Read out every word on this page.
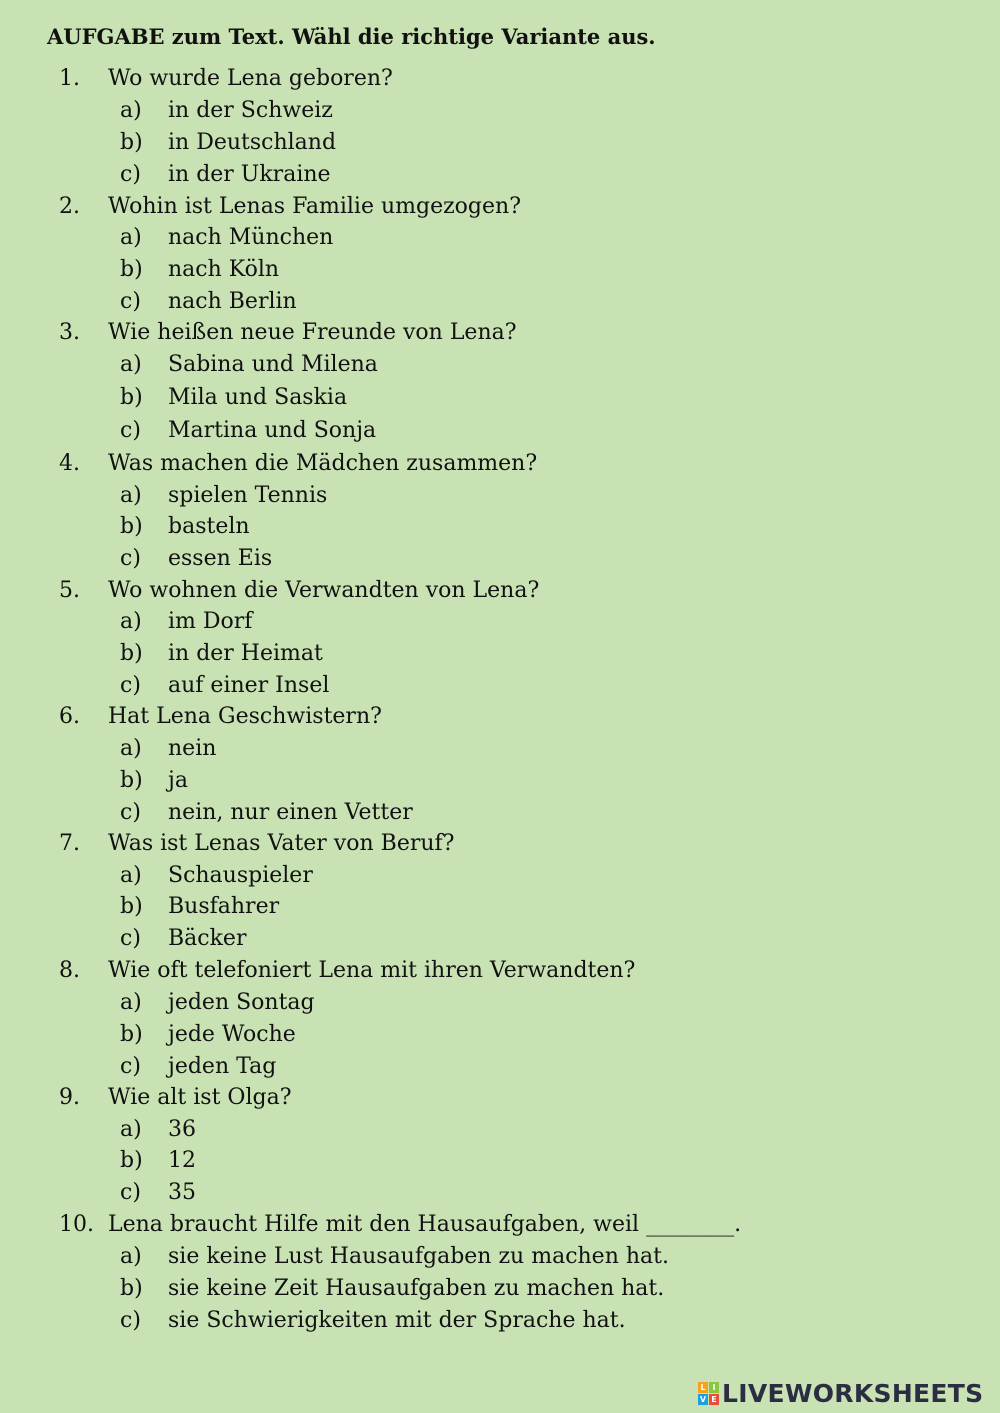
AUFGABE zum Text. Wähl die richtige Variante aus.
1. Wo wurde Lena geboren?
a) in der Schweiz
b) in Deutschland
c) in der Ukraine
2. Wohin ist Lenas Familie umgezogen?
a) nach München
b) nach Köln
c) nach Berlin
3. Wie heißen neue Freunde von Lena?
a) Sabina und Milena
b) Mila und Saskia
c) Martina und Sonja
4. Was machen die Mädchen zusammen?
a) spielen Tennis
b) basteln
c) essen Eis
5. Wo wohnen die Verwandten von Lena?
a) im Dorf
b) in der Heimat
c) auf einer Insel
6. Hat Lena Geschwistern?
a) nein
b) ja
c) nein, nur einen Vetter
7. Was ist Lenas Vater von Beruf?
a) Schauspieler
b) Busfahrer
c) Bäcker
8. Wie oft telefoniert Lena mit ihren Verwandten?
a) jeden Sontag
b) jede Woche
c) jeden Tag
9. Wie alt ist Olga?
a) 36
b) 12
c) 35
10. Lena braucht Hilfe mit den Hausaufgaben, weil ________.
a) sie keine Lust Hausaufgaben zu machen hat.
b) sie keine Zeit Hausaufgaben zu machen hat.
c) sie Schwierigkeiten mit der Sprache hat.
L I
V E LIVEWORKSHEETS
